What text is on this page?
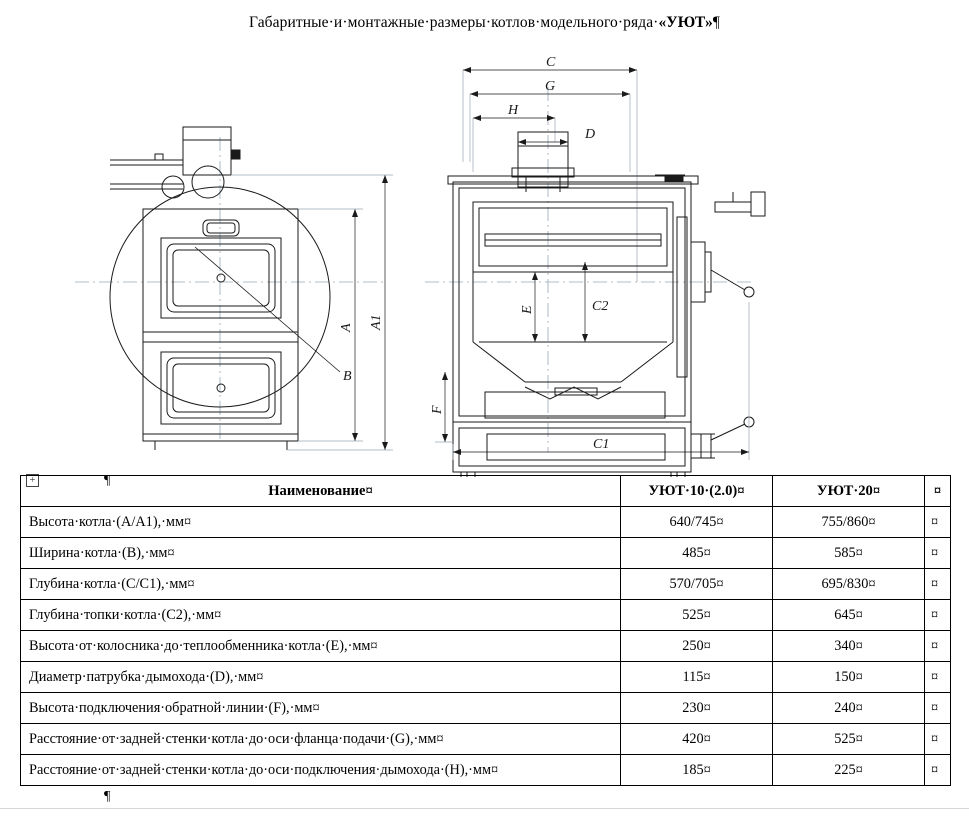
Габаритные·и·монтажные·размеры·котлов·модельного·ряда·«УЮТ»¶
A A1
B
C
G
H
D
E	C2
F
C1
+
¶
Наименование¤	УЮТ·10·(2.0)¤	УЮТ·20¤	¤
Высота·котла·(А/А1),·мм¤	640/745¤	755/860¤	¤
Ширина·котла·(В),·мм¤	485¤	585¤	¤
Глубина·котла·(С/С1),·мм¤	570/705¤	695/830¤	¤
Глубина·топки·котла·(С2),·мм¤	525¤	645¤	¤
Высота·от·колосника·до·теплообменника·котла·(Е),·мм¤	250¤	340¤	¤
Диаметр·патрубка·дымохода·(D),·мм¤	115¤	150¤	¤
Высота·подключения·обратной·линии·(F),·мм¤	230¤	240¤	¤
Расстояние·от·задней·стенки·котла·до·оси·фланца·подачи·(G),·мм¤	420¤	525¤	¤
Расстояние·от·задней·стенки·котла·до·оси·подключения·дымохода·(Н),·мм¤	185¤	225¤	¤
¶
